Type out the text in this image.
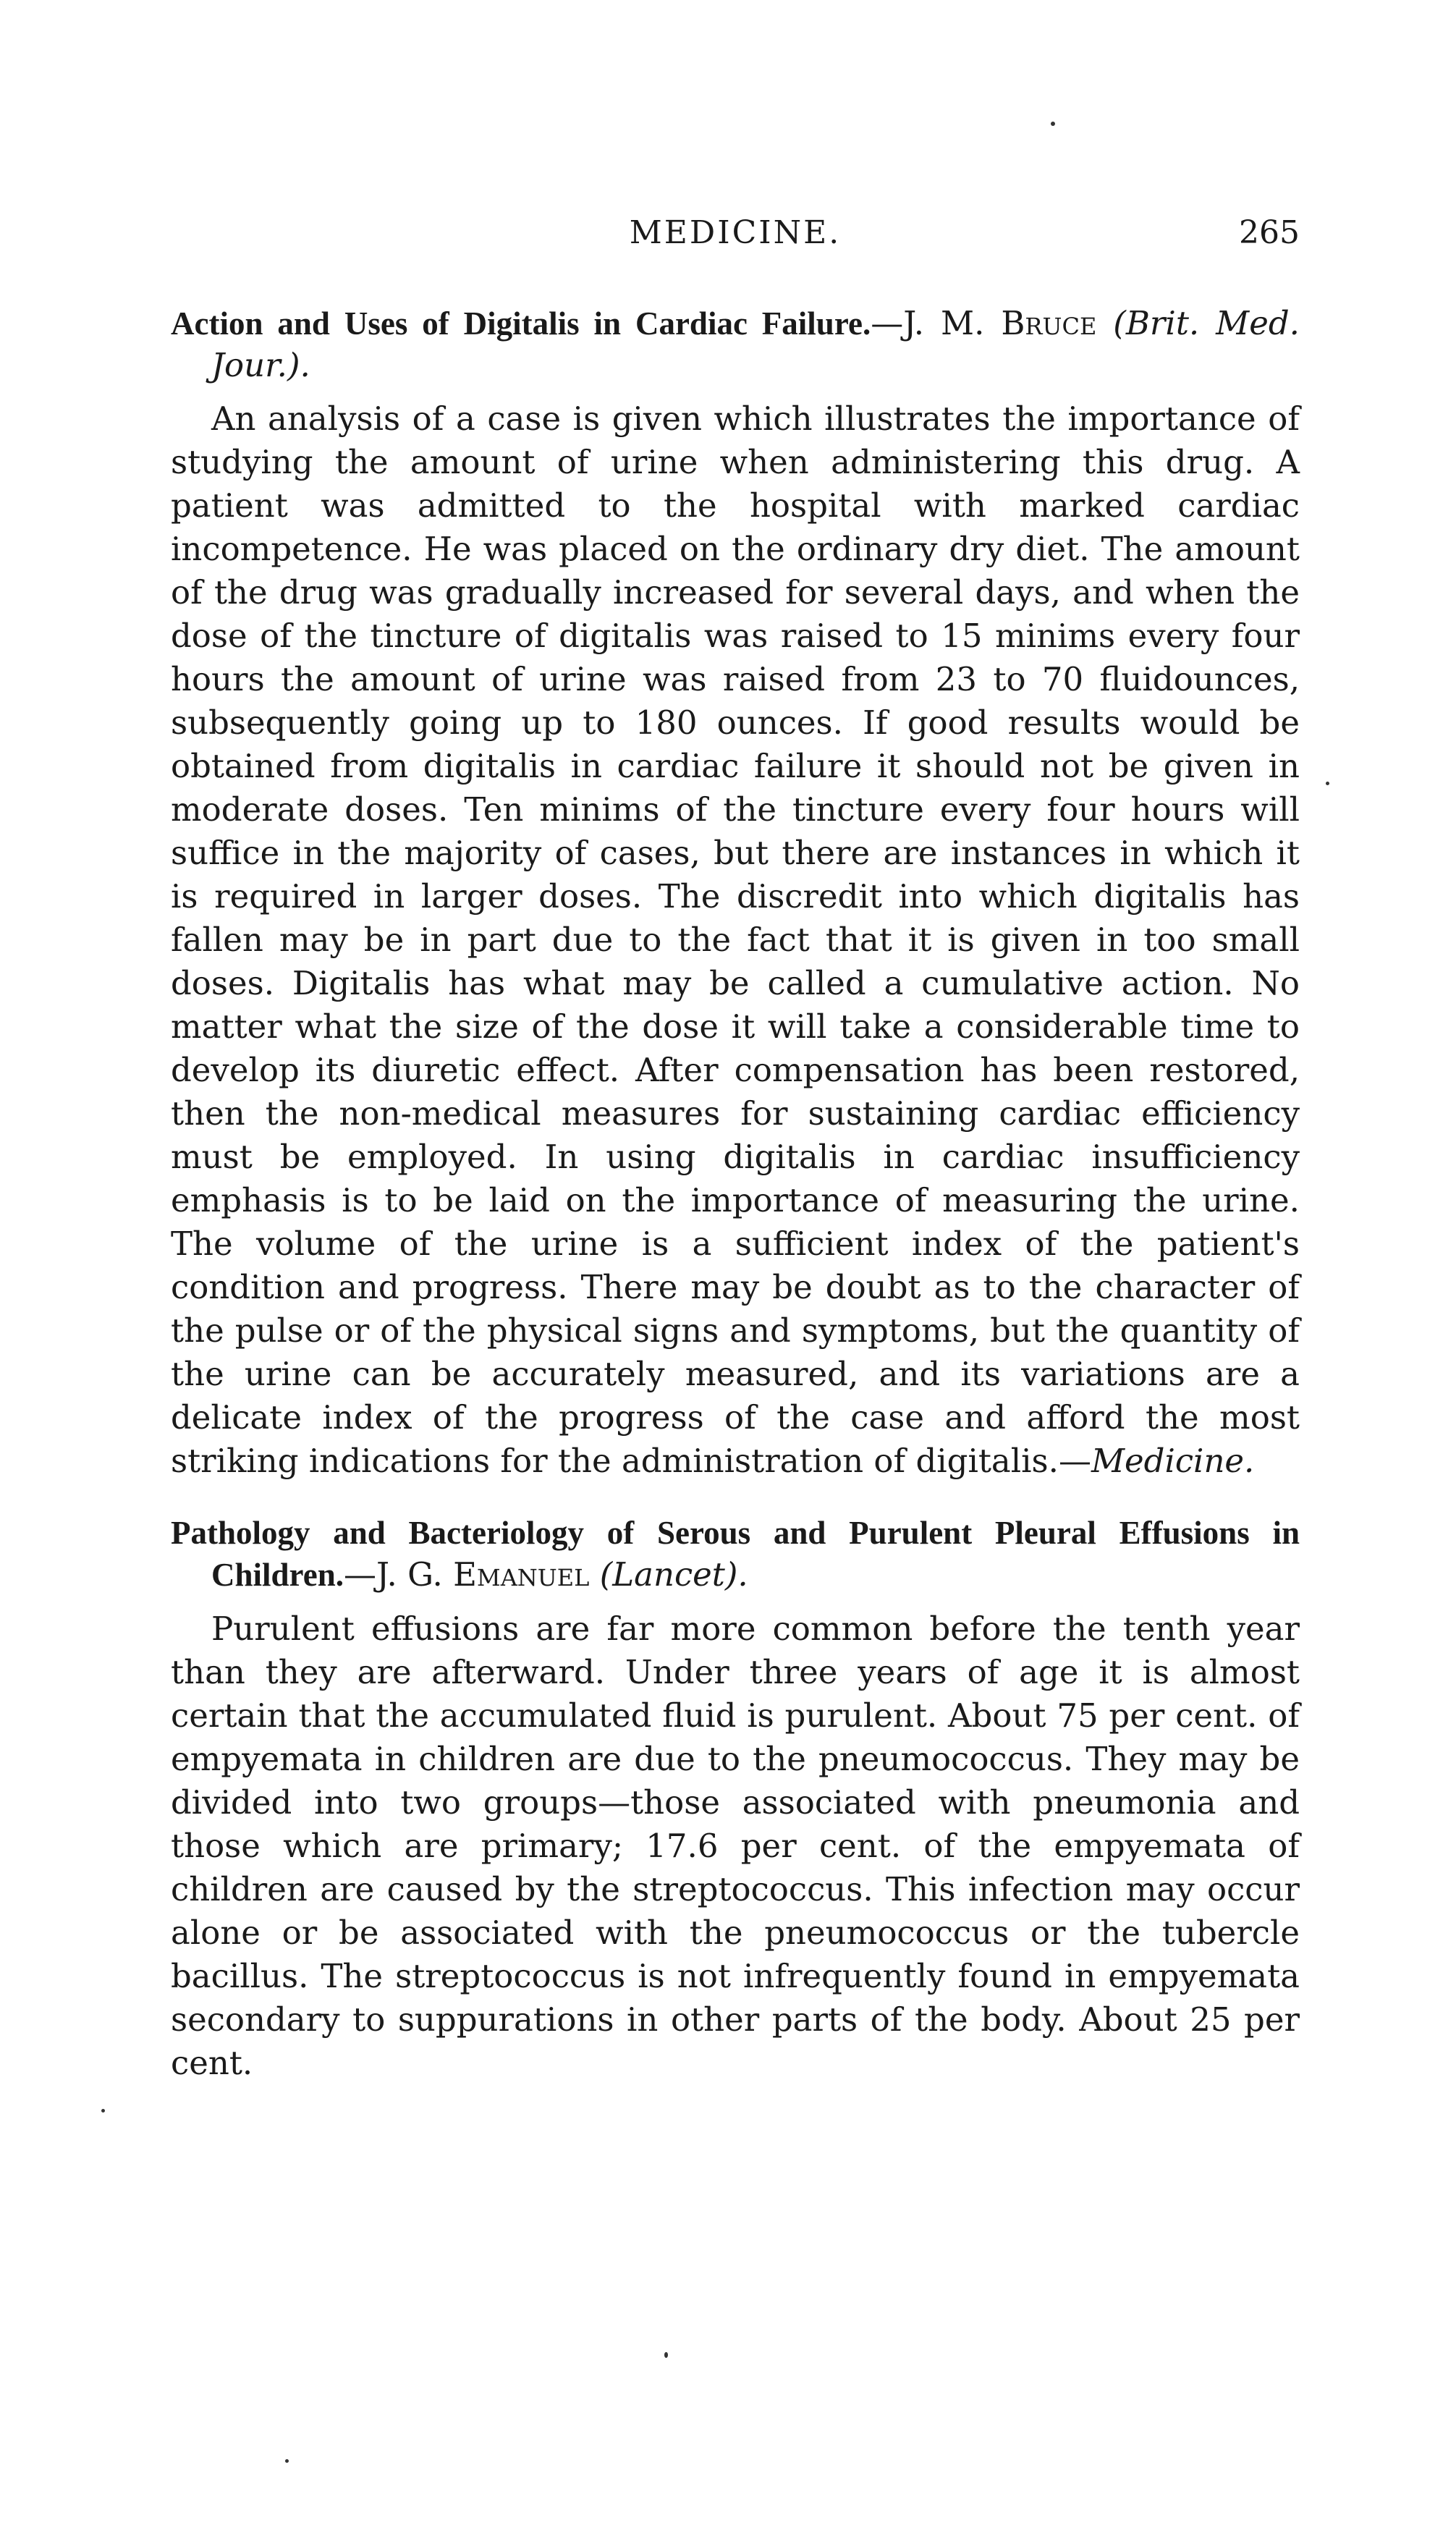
MEDICINE.	265

Action and Uses of Digitalis in Cardiac Failure.—J. M. Bruce (Brit. Med. Jour.).

An analysis of a case is given which illustrates the importance of studying the amount of urine when administering this drug. A patient was admitted to the hospital with marked cardiac incompetence. He was placed on the ordinary dry diet. The amount of the drug was gradually increased for several days, and when the dose of the tincture of digitalis was raised to 15 minims every four hours the amount of urine was raised from 23 to 70 fluidounces, subsequently going up to 180 ounces. If good results would be obtained from digitalis in cardiac failure it should not be given in moderate doses. Ten minims of the tincture every four hours will suffice in the majority of cases, but there are instances in which it is required in larger doses. The discredit into which digitalis has fallen may be in part due to the fact that it is given in too small doses. Digitalis has what may be called a cumulative action. No matter what the size of the dose it will take a considerable time to develop its diuretic effect. After compensation has been restored, then the non-medical measures for sustaining cardiac efficiency must be employed. In using digitalis in cardiac insufficiency emphasis is to be laid on the importance of measuring the urine. The volume of the urine is a sufficient index of the patient's condition and progress. There may be doubt as to the character of the pulse or of the physical signs and symptoms, but the quantity of the urine can be accurately measured, and its variations are a delicate index of the progress of the case and afford the most striking indications for the administration of digitalis.—Medicine.

Pathology and Bacteriology of Serous and Purulent Pleural Effusions in Children.—J. G. Emanuel (Lancet).

Purulent effusions are far more common before the tenth year than they are afterward. Under three years of age it is almost certain that the accumulated fluid is purulent. About 75 per cent. of empyemata in children are due to the pneumococcus. They may be divided into two groups—those associated with pneumonia and those which are primary; 17.6 per cent. of the empyemata of children are caused by the streptococcus. This infection may occur alone or be associated with the pneumococcus or the tubercle bacillus. The streptococcus is not infrequently found in empyemata secondary to suppurations in other parts of the body. About 25 per cent.
